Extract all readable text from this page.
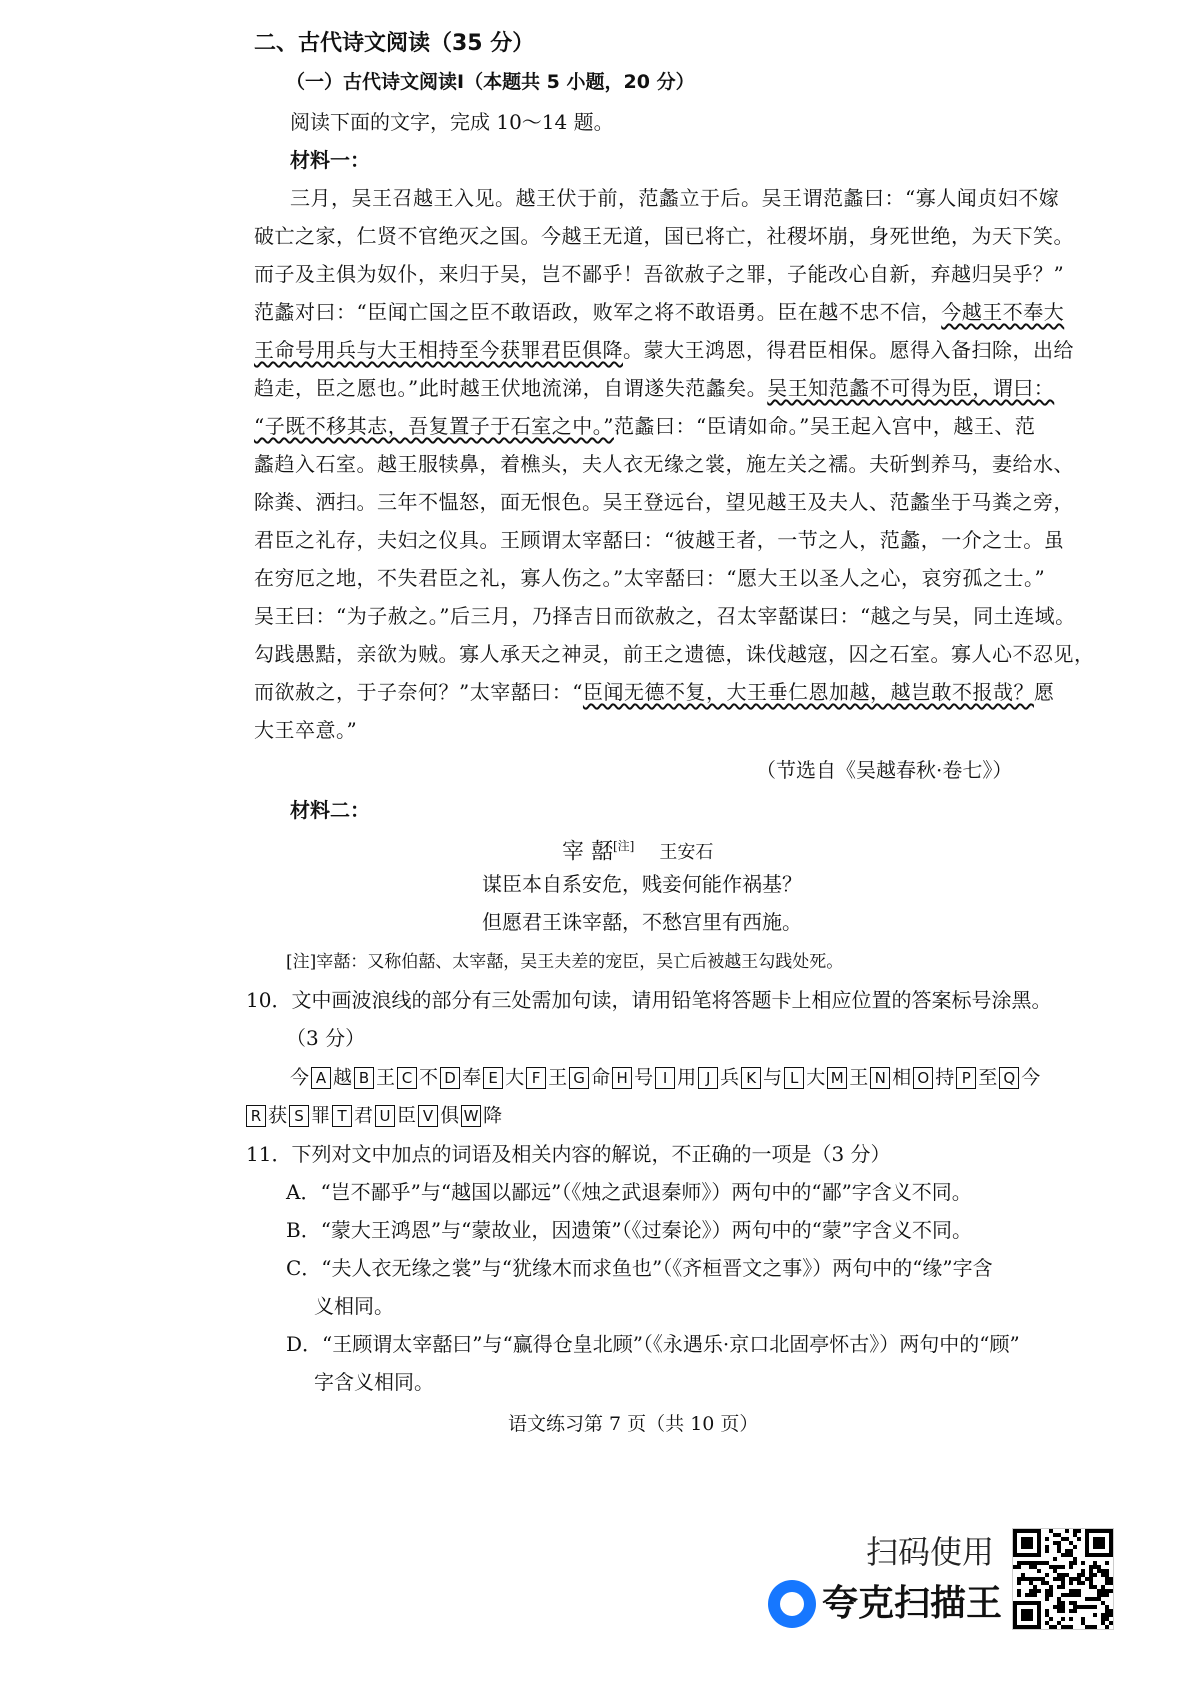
二、古代诗文阅读（35 分）
（一）古代诗文阅读Ⅰ（本题共 5 小题，20 分）
阅读下面的文字，完成 10～14 题。
材料一：
三月，吴王召越王入见。越王伏于前，范蠡立于后。吴王谓范蠡曰：“寡人闻贞妇不嫁
破亡之家，仁贤不官绝灭之国。今越王无道，国已将亡，社稷坏崩，身死世绝，为天下笑。
而子及主俱为奴仆，来归于吴，岂不鄙乎！吾欲赦子之罪，子能改心自新，弃越归吴乎？”
范蠡对曰：“臣闻亡国之臣不敢语政，败军之将不敢语勇。臣在越不忠不信，今越王不奉大
王命号用兵与大王相持至今获罪君臣俱降。蒙大王鸿恩，得君臣相保。愿得入备扫除，出给
趋走，臣之愿也。”此时越王伏地流涕，自谓遂失范蠡矣。吴王知范蠡不可得为臣，谓曰：
“子既不移其志，吾复置子于石室之中。”范蠡曰：“臣请如命。”吴王起入宫中，越王、范
蠡趋入石室。越王服犊鼻，着樵头，夫人衣无缘之裳，施左关之襦。夫斫剉养马，妻给水、
除粪、洒扫。三年不愠怒，面无恨色。吴王登远台，望见越王及夫人、范蠡坐于马粪之旁，
君臣之礼存，夫妇之仪具。王顾谓太宰嚭曰：“彼越王者，一节之人，范蠡，一介之士。虽
在穷厄之地，不失君臣之礼，寡人伤之。”太宰嚭曰：“愿大王以圣人之心，哀穷孤之士。”
吴王曰：“为子赦之。”后三月，乃择吉日而欲赦之，召太宰嚭谋曰：“越之与吴，同土连域。
勾践愚黠，亲欲为贼。寡人承天之神灵，前王之遗德，诛伐越寇，囚之石室。寡人心不忍见，
而欲赦之，于子奈何？”太宰嚭曰：“臣闻无德不复，大王垂仁恩加越，越岂敢不报哉？愿
大王卒意。”
（节选自《吴越春秋·卷七》）
材料二：
宰 嚭[注] 王安石
谋臣本自系安危，贱妾何能作祸基？
但愿君王诛宰嚭，不愁宫里有西施。
[注]宰嚭：又称伯嚭、太宰嚭，吴王夫差的宠臣，吴亡后被越王勾践处死。
10．文中画波浪线的部分有三处需加句读，请用铅笔将答题卡上相应位置的答案标号涂黑。
（3 分）
今 A 越 B 王 C 不 D 奉 E 大 F 王 G 命 H 号 I 用 J 兵 K 与 L 大 M 王 N 相 O 持 P 至 Q 今
R 获 S 罪 T 君 U 臣 V 俱 W 降
11．下列对文中加点的词语及相关内容的解说，不正确的一项是（3 分）
A．“岂不鄙乎”与“越国以鄙远”（《烛之武退秦师》）两句中的“鄙”字含义不同。
B．“蒙大王鸿恩”与“蒙故业，因遗策”（《过秦论》）两句中的“蒙”字含义不同。
C．“夫人衣无缘之裳”与“犹缘木而求鱼也”（《齐桓晋文之事》）两句中的“缘”字含
义相同。
D．“王顾谓太宰嚭曰”与“赢得仓皇北顾”（《永遇乐·京口北固亭怀古》）两句中的“顾”
字含义相同。
语文练习第 7 页（共 10 页）
扫码使用
夸克扫描王
